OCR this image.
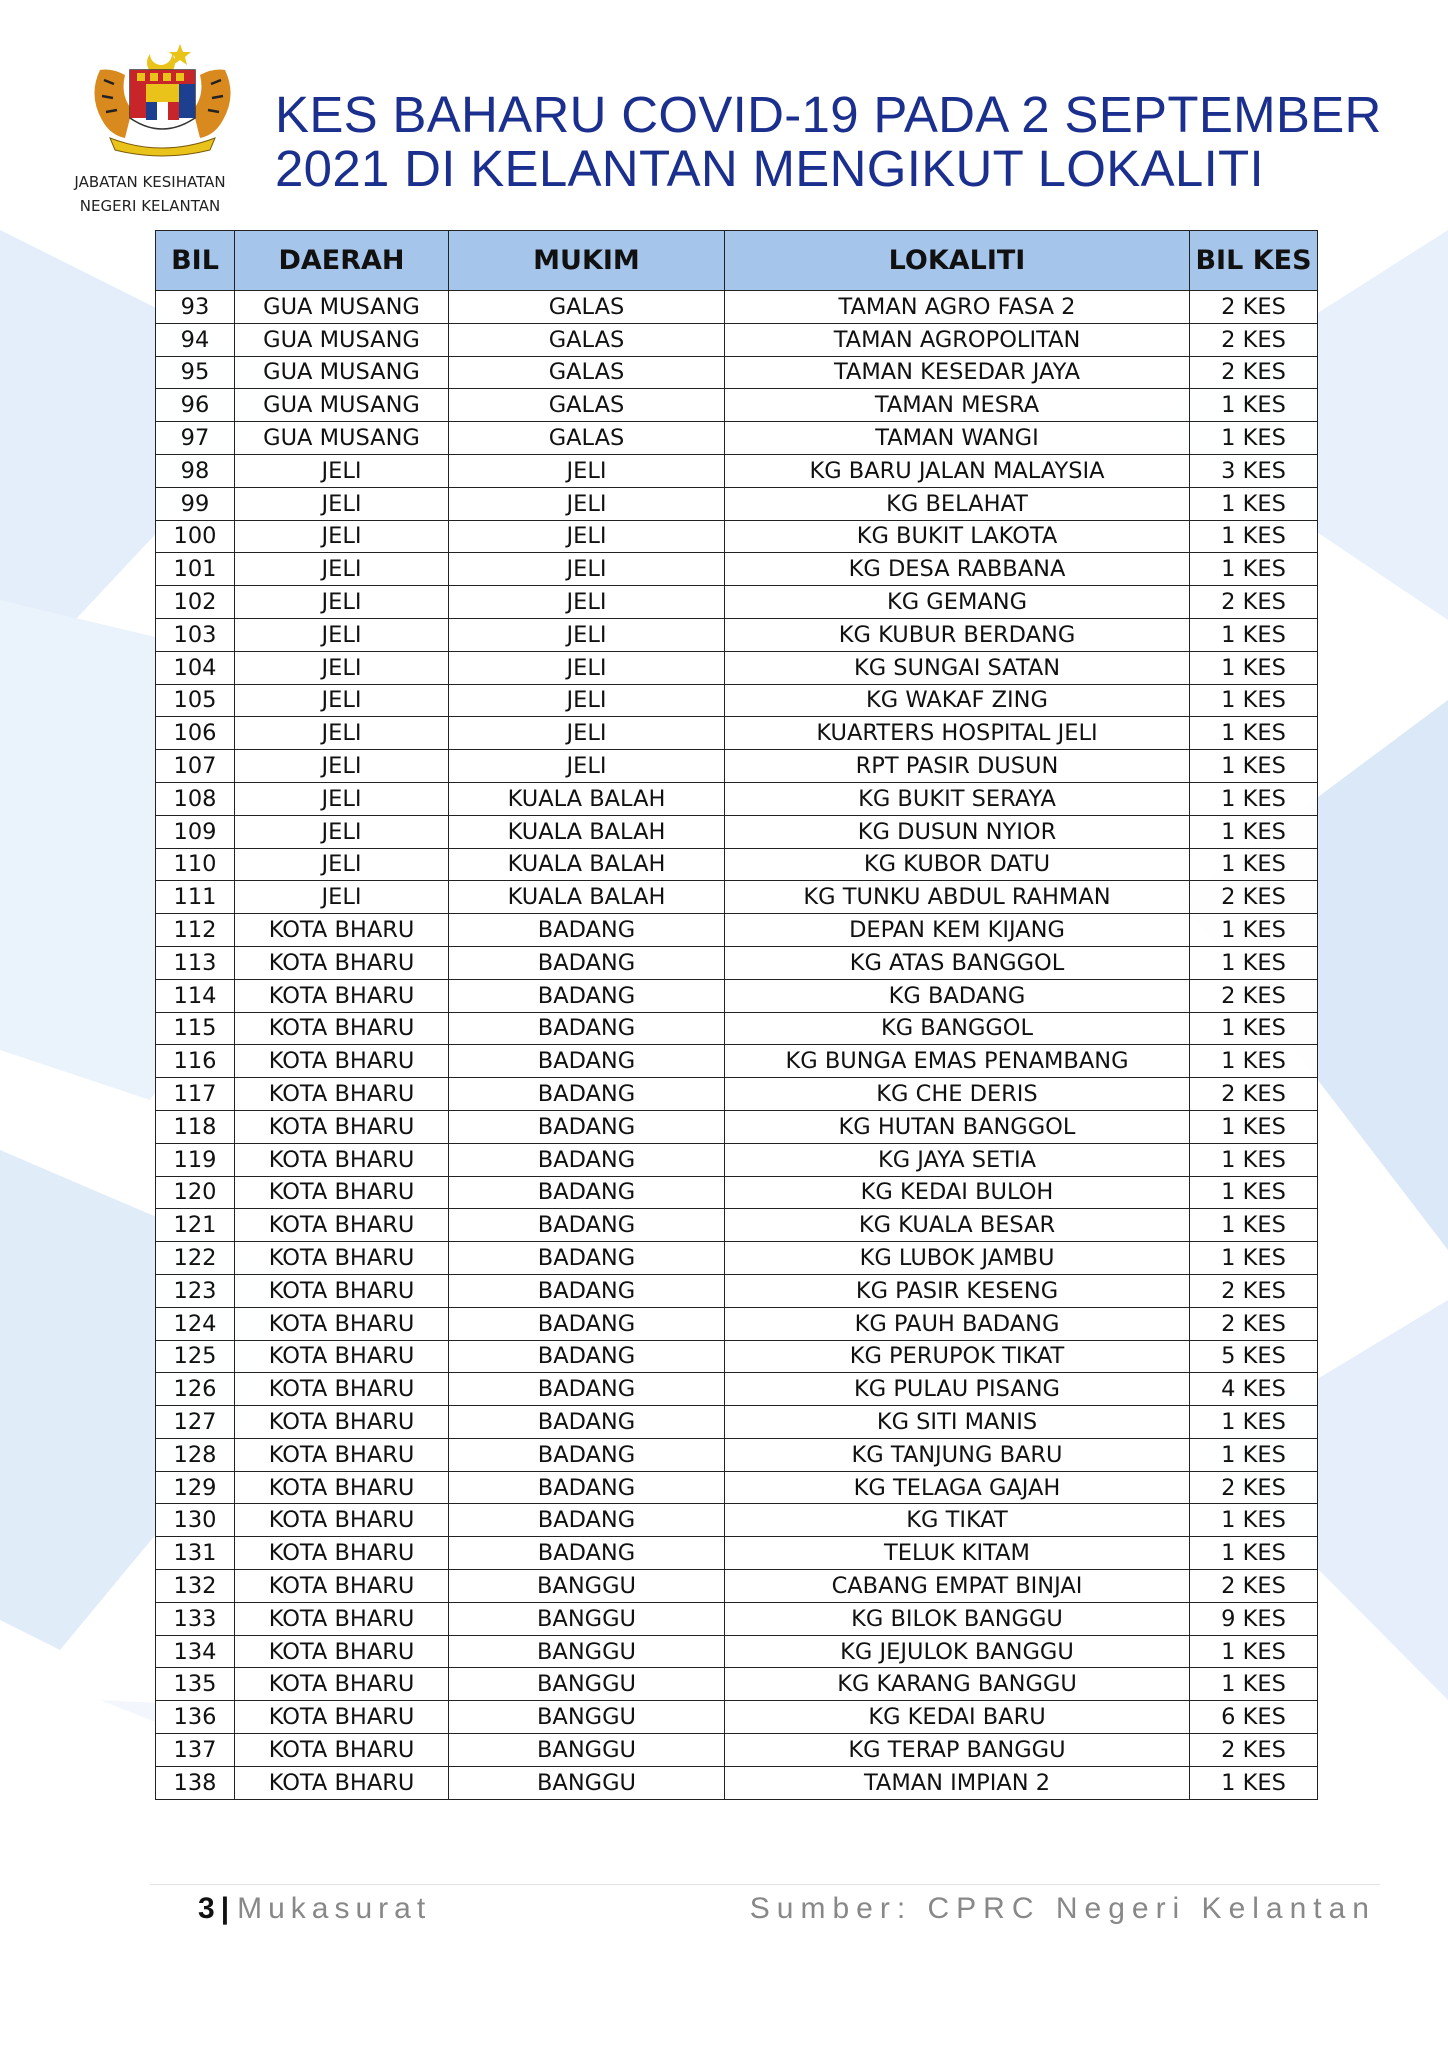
JABATAN KESIHATAN
NEGERI KELANTAN
KES BAHARU COVID-19 PADA 2 SEPTEMBER
2021 DI KELANTAN MENGIKUT LOKALITI
BIL	DAERAH	MUKIM	LOKALITI	BIL KES
93	GUA MUSANG	GALAS	TAMAN AGRO FASA 2	2 KES
94	GUA MUSANG	GALAS	TAMAN AGROPOLITAN	2 KES
95	GUA MUSANG	GALAS	TAMAN KESEDAR JAYA	2 KES
96	GUA MUSANG	GALAS	TAMAN MESRA	1 KES
97	GUA MUSANG	GALAS	TAMAN WANGI	1 KES
98	JELI	JELI	KG BARU JALAN MALAYSIA	3 KES
99	JELI	JELI	KG BELAHAT	1 KES
100	JELI	JELI	KG BUKIT LAKOTA	1 KES
101	JELI	JELI	KG DESA RABBANA	1 KES
102	JELI	JELI	KG GEMANG	2 KES
103	JELI	JELI	KG KUBUR BERDANG	1 KES
104	JELI	JELI	KG SUNGAI SATAN	1 KES
105	JELI	JELI	KG WAKAF ZING	1 KES
106	JELI	JELI	KUARTERS HOSPITAL JELI	1 KES
107	JELI	JELI	RPT PASIR DUSUN	1 KES
108	JELI	KUALA BALAH	KG BUKIT SERAYA	1 KES
109	JELI	KUALA BALAH	KG DUSUN NYIOR	1 KES
110	JELI	KUALA BALAH	KG KUBOR DATU	1 KES
111	JELI	KUALA BALAH	KG TUNKU ABDUL RAHMAN	2 KES
112	KOTA BHARU	BADANG	DEPAN KEM KIJANG	1 KES
113	KOTA BHARU	BADANG	KG ATAS BANGGOL	1 KES
114	KOTA BHARU	BADANG	KG BADANG	2 KES
115	KOTA BHARU	BADANG	KG BANGGOL	1 KES
116	KOTA BHARU	BADANG	KG BUNGA EMAS PENAMBANG	1 KES
117	KOTA BHARU	BADANG	KG CHE DERIS	2 KES
118	KOTA BHARU	BADANG	KG HUTAN BANGGOL	1 KES
119	KOTA BHARU	BADANG	KG JAYA SETIA	1 KES
120	KOTA BHARU	BADANG	KG KEDAI BULOH	1 KES
121	KOTA BHARU	BADANG	KG KUALA BESAR	1 KES
122	KOTA BHARU	BADANG	KG LUBOK JAMBU	1 KES
123	KOTA BHARU	BADANG	KG PASIR KESENG	2 KES
124	KOTA BHARU	BADANG	KG PAUH BADANG	2 KES
125	KOTA BHARU	BADANG	KG PERUPOK TIKAT	5 KES
126	KOTA BHARU	BADANG	KG PULAU PISANG	4 KES
127	KOTA BHARU	BADANG	KG SITI MANIS	1 KES
128	KOTA BHARU	BADANG	KG TANJUNG BARU	1 KES
129	KOTA BHARU	BADANG	KG TELAGA GAJAH	2 KES
130	KOTA BHARU	BADANG	KG TIKAT	1 KES
131	KOTA BHARU	BADANG	TELUK KITAM	1 KES
132	KOTA BHARU	BANGGU	CABANG EMPAT BINJAI	2 KES
133	KOTA BHARU	BANGGU	KG BILOK BANGGU	9 KES
134	KOTA BHARU	BANGGU	KG JEJULOK BANGGU	1 KES
135	KOTA BHARU	BANGGU	KG KARANG BANGGU	1 KES
136	KOTA BHARU	BANGGU	KG KEDAI BARU	6 KES
137	KOTA BHARU	BANGGU	KG TERAP BANGGU	2 KES
138	KOTA BHARU	BANGGU	TAMAN IMPIAN 2	1 KES
3 | Mukasurat	Sumber: CPRC Negeri Kelantan
